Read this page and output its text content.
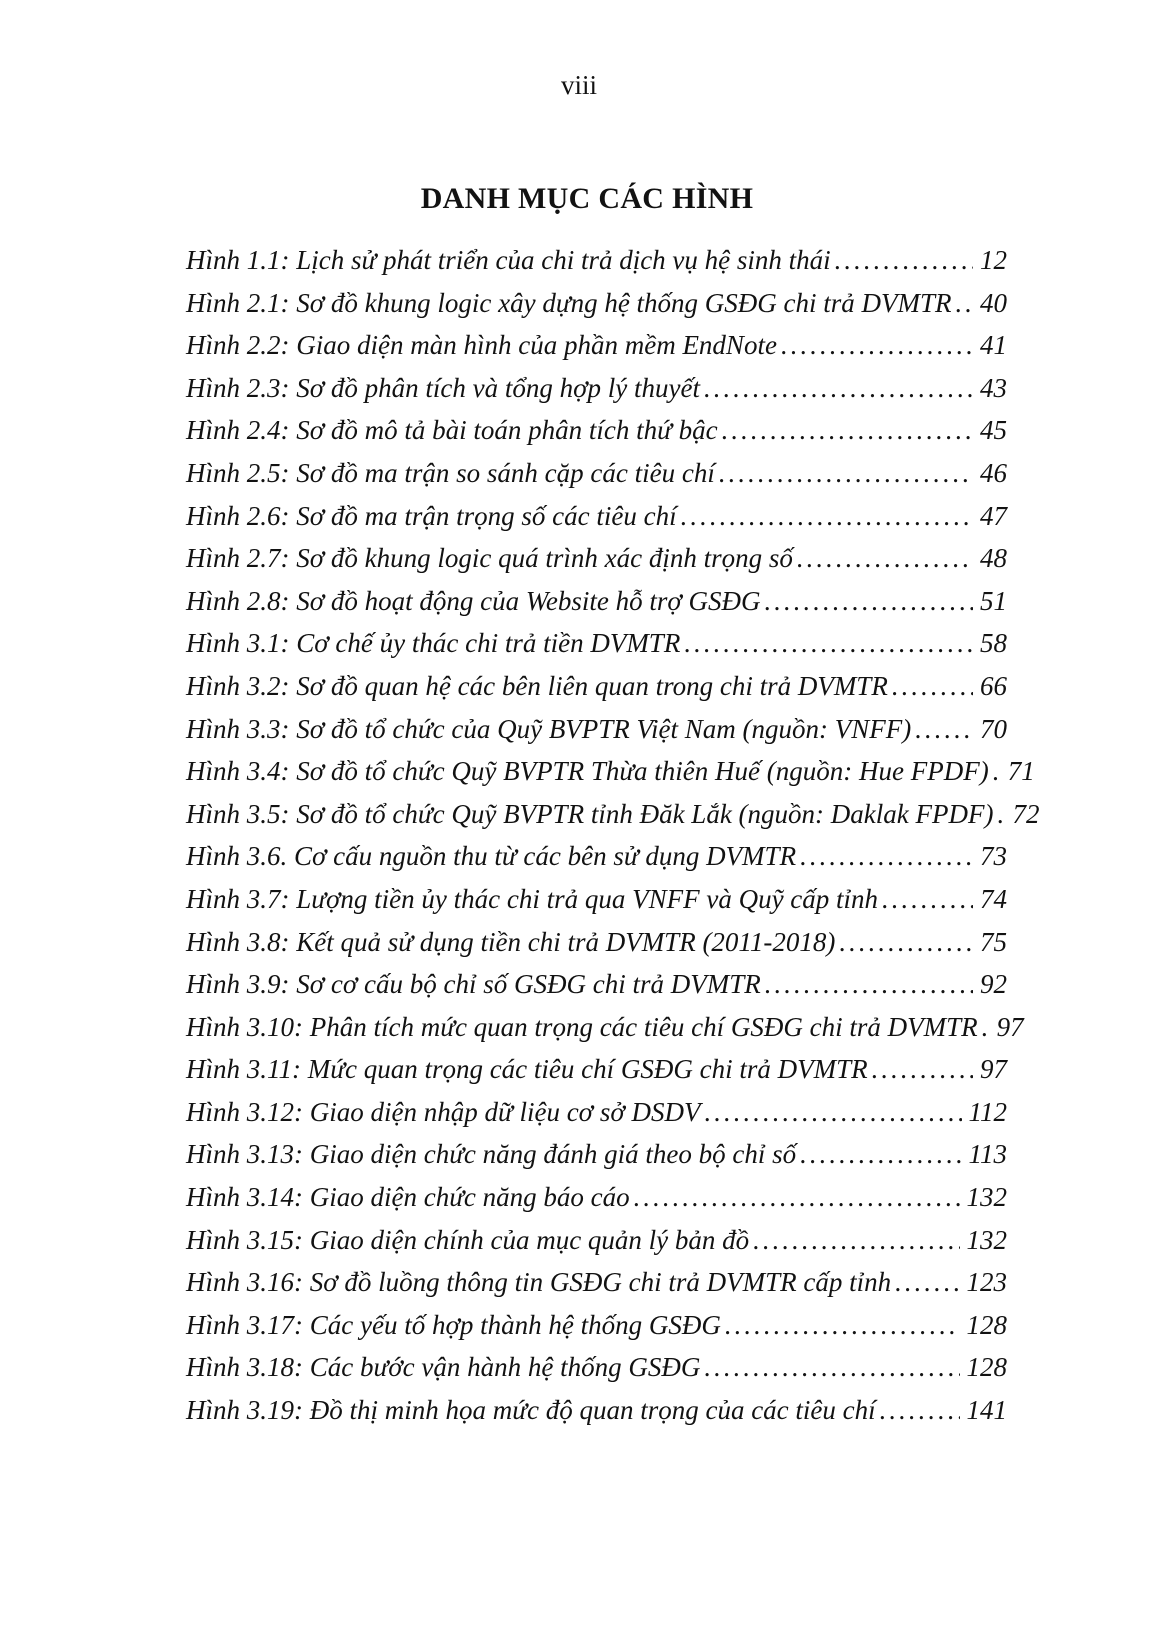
viii
DANH MỤC CÁC HÌNH
Hình 1.1: Lịch sử phát triển của chi trả dịch vụ hệ sinh thái .....	12
Hình 2.1: Sơ đồ khung logic xây dựng hệ thống GSĐG chi trả DVMTR ..... 40
Hình 2.2: Giao diện màn hình của phần mềm EndNote .....	41
Hình 2.3: Sơ đồ phân tích và tổng hợp lý thuyết .....	43
Hình 2.4: Sơ đồ mô tả bài toán phân tích thứ bậc .....	45
Hình 2.5: Sơ đồ ma trận so sánh cặp các tiêu chí .....	46
Hình 2.6: Sơ đồ ma trận trọng số các tiêu chí .....	47
Hình 2.7: Sơ đồ khung logic quá trình xác định trọng số .....	48
Hình 2.8: Sơ đồ hoạt động của Website hỗ trợ GSĐG .....	51
Hình 3.1: Cơ chế ủy thác chi trả tiền DVMTR .....	58
Hình 3.2: Sơ đồ quan hệ các bên liên quan trong chi trả DVMTR .....	66
Hình 3.3: Sơ đồ tổ chức của Quỹ BVPTR Việt Nam (nguồn: VNFF) .....	70
Hình 3.4: Sơ đồ tổ chức Quỹ BVPTR Thừa thiên Huế (nguồn: Hue FPDF) ..... 71
Hình 3.5: Sơ đồ tổ chức Quỹ BVPTR tỉnh Đăk Lắk (nguồn: Daklak FPDF) ..... 72
Hình 3.6. Cơ cấu nguồn thu từ các bên sử dụng DVMTR .....	73
Hình 3.7: Lượng tiền ủy thác chi trả qua VNFF và Quỹ cấp tỉnh .....	74
Hình 3.8: Kết quả sử dụng tiền chi trả DVMTR (2011-2018) .....	75
Hình 3.9: Sơ cơ cấu bộ chỉ số GSĐG chi trả DVMTR .....	92
Hình 3.10: Phân tích mức quan trọng các tiêu chí GSĐG chi trả DVMTR ..... 97
Hình 3.11: Mức quan trọng các tiêu chí GSĐG chi trả DVMTR .....	97
Hình 3.12: Giao diện nhập dữ liệu cơ sở DSDV .....	112
Hình 3.13: Giao diện chức năng đánh giá theo bộ chỉ số .....	113
Hình 3.14: Giao diện chức năng báo cáo .....	132
Hình 3.15: Giao diện chính của mục quản lý bản đồ .....	132
Hình 3.16: Sơ đồ luồng thông tin GSĐG chi trả DVMTR cấp tỉnh .....	123
Hình 3.17: Các yếu tố hợp thành hệ thống GSĐG .....	128
Hình 3.18: Các bước vận hành hệ thống GSĐG .....	128
Hình 3.19: Đồ thị minh họa mức độ quan trọng của các tiêu chí .....	141
